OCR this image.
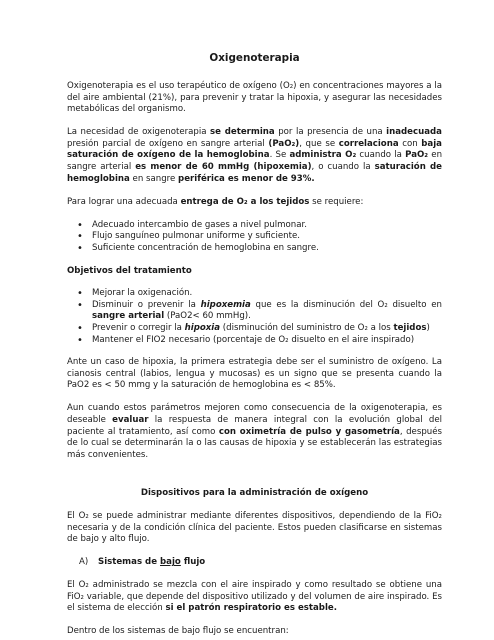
Oxigenoterapia

Oxigenoterapia es el uso terapéutico de oxígeno (O₂) en concentraciones mayores a la del aire ambiental (21%), para prevenir y tratar la hipoxia, y asegurar las necesidades metabólicas del organismo.

La necesidad de oxigenoterapia se determina por la presencia de una inadecuada presión parcial de oxígeno en sangre arterial (PaO₂), que se correlaciona con baja saturación de oxígeno de la hemoglobina. Se administra O₂ cuando la PaO₂ en sangre arterial es menor de 60 mmHg (hipoxemia), o cuando la saturación de hemoglobina en sangre periférica es menor de 93%.

Para lograr una adecuada entrega de O₂ a los tejidos se requiere:

• Adecuado intercambio de gases a nivel pulmonar.
• Flujo sanguíneo pulmonar uniforme y suficiente.
• Suficiente concentración de hemoglobina en sangre.

Objetivos del tratamiento

• Mejorar la oxigenación.
• Disminuir o prevenir la hipoxemia que es la disminución del O₂ disuelto en sangre arterial (PaO2< 60 mmHg).
• Prevenir o corregir la hipoxia (disminución del suministro de O₂ a los tejidos)
• Mantener el FIO2 necesario (porcentaje de O₂ disuelto en el aire inspirado)

Ante un caso de hipoxia, la primera estrategia debe ser el suministro de oxígeno. La cianosis central (labios, lengua y mucosas) es un signo que se presenta cuando la PaO2 es < 50 mmg y la saturación de hemoglobina es < 85%.

Aun cuando estos parámetros mejoren como consecuencia de la oxigenoterapia, es deseable evaluar la respuesta de manera integral con la evolución global del paciente al tratamiento, así como con oximetría de pulso y gasometría, después de lo cual se determinarán la o las causas de hipoxia y se establecerán las estrategias más convenientes.

Dispositivos para la administración de oxígeno

El O₂ se puede administrar mediante diferentes dispositivos, dependiendo de la FiO₂ necesaria y de la condición clínica del paciente. Estos pueden clasificarse en sistemas de bajo y alto flujo.

A) Sistemas de bajo flujo

El O₂ administrado se mezcla con el aire inspirado y como resultado se obtiene una FiO₂ variable, que depende del dispositivo utilizado y del volumen de aire inspirado. Es el sistema de elección si el patrón respiratorio es estable.

Dentro de los sistemas de bajo flujo se encuentran:
